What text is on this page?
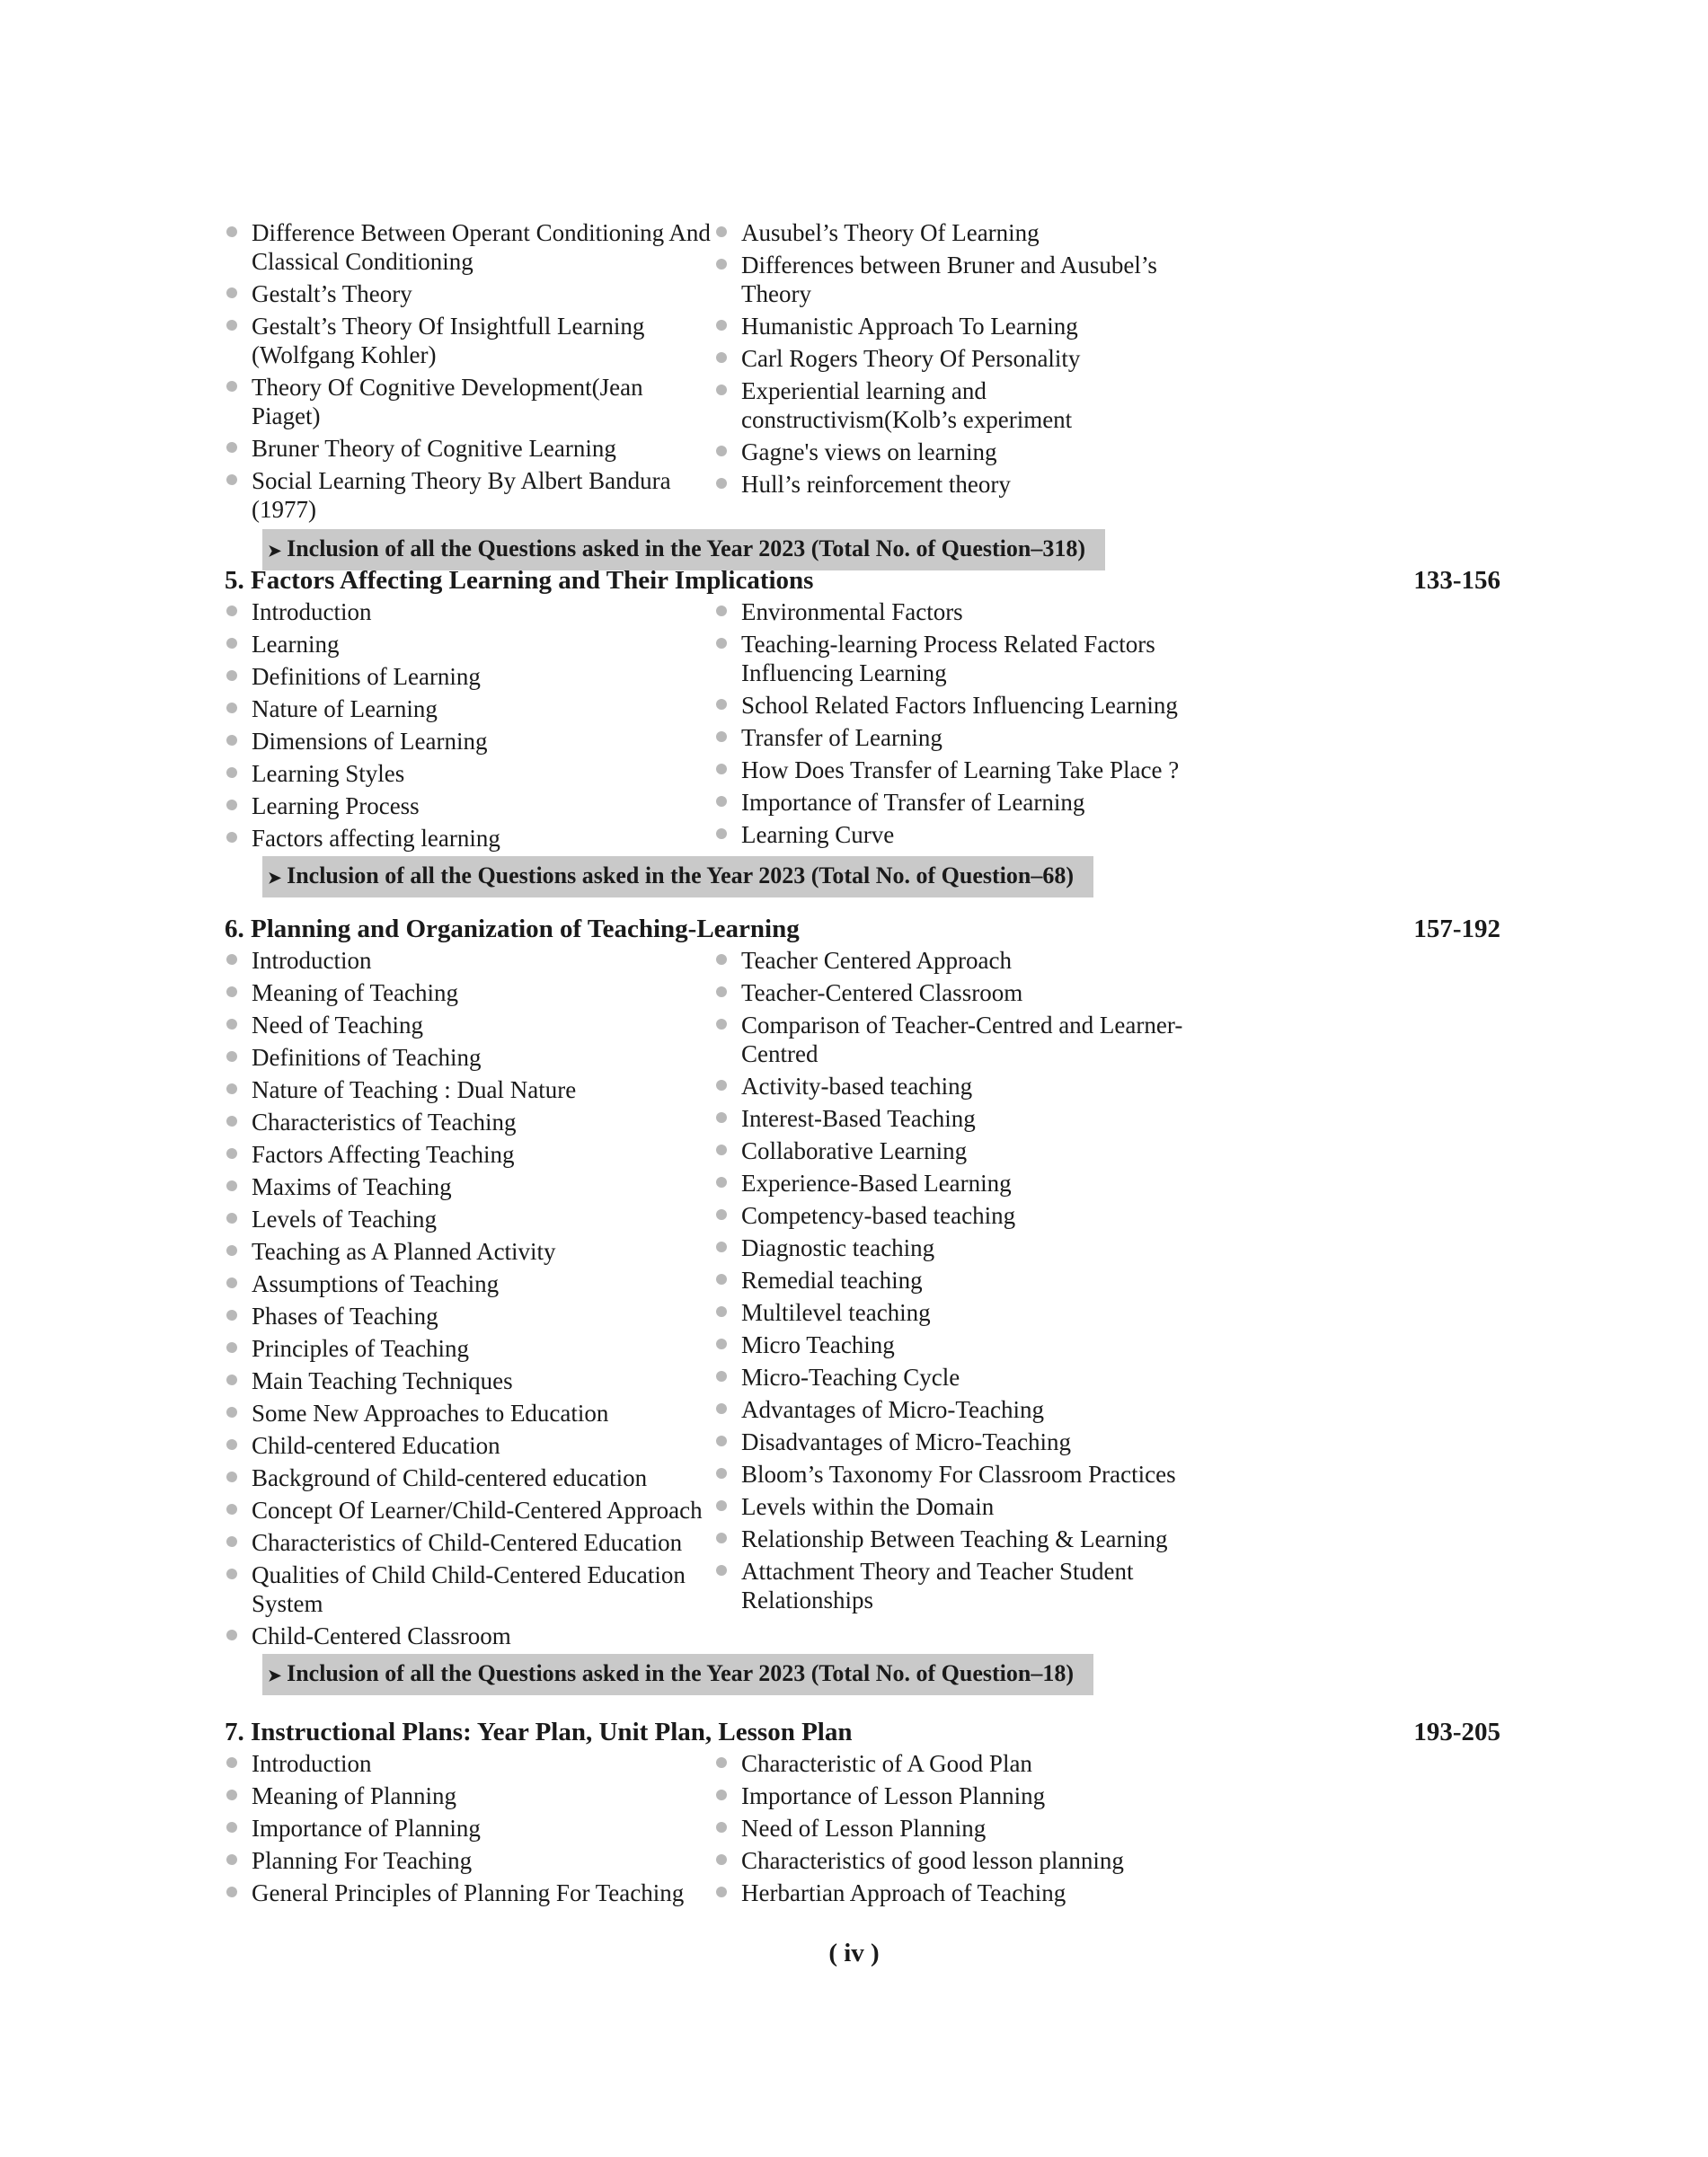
Difference Between Operant Conditioning And Classical Conditioning
Gestalt’s Theory
Gestalt’s Theory Of Insightfull Learning (Wolfgang Kohler)
Theory Of Cognitive Development(Jean Piaget)
Bruner Theory of Cognitive Learning
Social Learning Theory By Albert Bandura (1977)
Ausubel’s Theory Of Learning
Differences between Bruner and Ausubel’s Theory
Humanistic Approach To Learning
Carl Rogers Theory Of Personality
Experiential learning and constructivism(Kolb’s experiment
Gagne's views on learning
Hull’s reinforcement theory
➤ Inclusion of all the Questions asked in the Year 2023 (Total No. of Question–318)
5. Factors Affecting Learning and Their Implications	133-156
Introduction
Learning
Definitions of Learning
Nature of Learning
Dimensions of Learning
Learning Styles
Learning Process
Factors affecting learning
Environmental Factors
Teaching-learning Process Related Factors Influencing Learning
School Related Factors Influencing Learning
Transfer of Learning
How Does Transfer of Learning Take Place ?
Importance of Transfer of Learning
Learning Curve
➤ Inclusion of all the Questions asked in the Year 2023 (Total No. of Question–68)
6. Planning and Organization of Teaching-Learning	157-192
Introduction
Meaning of Teaching
Need of Teaching
Definitions of Teaching
Nature of Teaching : Dual Nature
Characteristics of Teaching
Factors Affecting Teaching
Maxims of Teaching
Levels of Teaching
Teaching as A Planned Activity
Assumptions of Teaching
Phases of Teaching
Principles of Teaching
Main Teaching Techniques
Some New Approaches to Education
Child-centered Education
Background of Child-centered education
Concept Of Learner/Child-Centered Approach
Characteristics of Child-Centered Education
Qualities of Child Child-Centered Education System
Child-Centered Classroom
Teacher Centered Approach
Teacher-Centered Classroom
Comparison of Teacher-Centred and Learner-Centred
Activity-based teaching
Interest-Based Teaching
Collaborative Learning
Experience-Based Learning
Competency-based teaching
Diagnostic teaching
Remedial teaching
Multilevel teaching
Micro Teaching
Micro-Teaching Cycle
Advantages of Micro-Teaching
Disadvantages of Micro-Teaching
Bloom’s Taxonomy For Classroom Practices
Levels within the Domain
Relationship Between Teaching & Learning
Attachment Theory and Teacher Student Relationships
➤ Inclusion of all the Questions asked in the Year 2023 (Total No. of Question–18)
7. Instructional Plans: Year Plan, Unit Plan, Lesson Plan	193-205
Introduction
Meaning of Planning
Importance of Planning
Planning For Teaching
General Principles of Planning For Teaching
Characteristic of A Good Plan
Importance of Lesson Planning
Need of Lesson Planning
Characteristics of good lesson planning
Herbartian Approach of Teaching
( iv )
